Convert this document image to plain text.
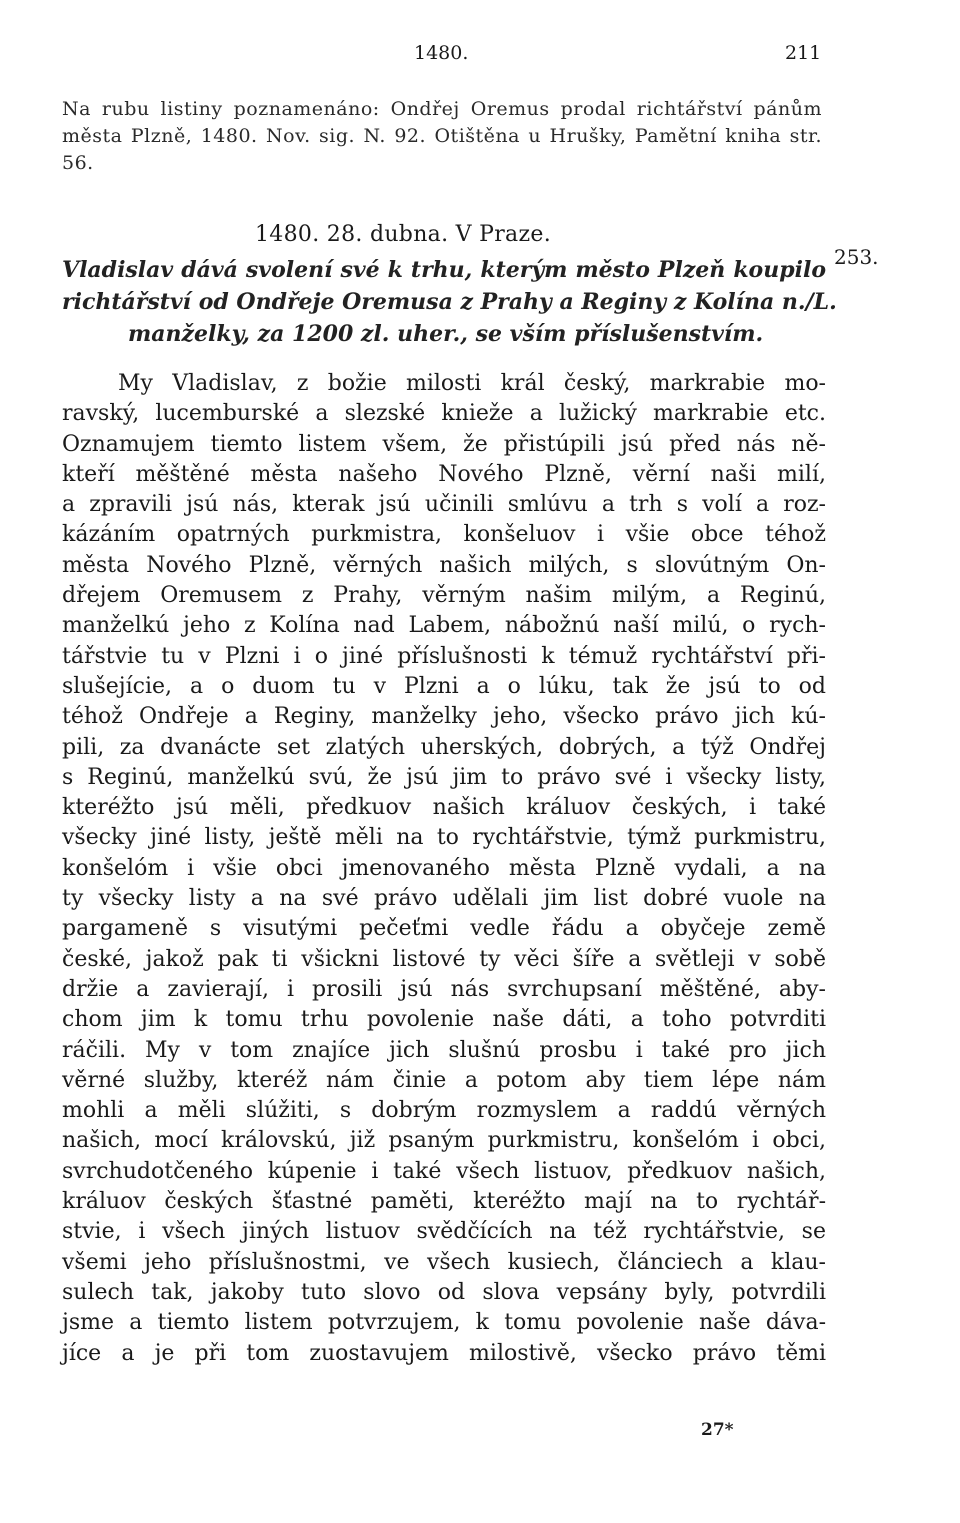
1480.	211
Na rubu listiny poznamenáno: Ondřej Oremus prodal richtářství pánům města Plzně, 1480. Nov. sig. N. 92. Otištěna u Hrušky, Pamětní kniha str. 56.
1480. 28. dubna. V Praze.
253.
Vladislav dává svolení své k trhu, kterým město Plzeň koupilo
richtářství od Ondřeje Oremusa z Prahy a Reginy z Kolína n./L.
manželky, za 1200 zl. uher., se vším příslušenstvím.
My Vladislav, z božie milosti král český, markrabie mo-
ravský, lucemburské a slezské knieže a lužický markrabie etc.
Oznamujem tiemto listem všem, že přistúpili jsú před nás ně-
kteří měštěné města našeho Nového Plzně, věrní naši milí,
a zpravili jsú nás, kterak jsú učinili smlúvu a trh s volí a roz-
kázáním opatrných purkmistra, konšeluov i všie obce téhož
města Nového Plzně, věrných našich milých, s slovútným On-
dřejem Oremusem z Prahy, věrným našim milým, a Reginú,
manželkú jeho z Kolína nad Labem, nábožnú naší milú, o rych-
tářstvie tu v Plzni i o jiné příslušnosti k témuž rychtářství při-
slušejície, a o duom tu v Plzni a o lúku, tak že jsú to od
téhož Ondřeje a Reginy, manželky jeho, všecko právo jich kú-
pili, za dvanácte set zlatých uherských, dobrých, a týž Ondřej
s Reginú, manželkú svú, že jsú jim to právo své i všecky listy,
kteréžto jsú měli, předkuov našich králuov českých, i také
všecky jiné listy, ještě měli na to rychtářstvie, týmž purkmistru,
konšelóm i všie obci jmenovaného města Plzně vydali, a na
ty všecky listy a na své právo udělali jim list dobré vuole na
pargameně s visutými pečeťmi vedle řádu a obyčeje země
české, jakož pak ti všickni listové ty věci šíře a světleji v sobě
držie a zavierají, i prosili jsú nás svrchupsaní měštěné, aby-
chom jim k tomu trhu povolenie naše dáti, a toho potvrditi
ráčili. My v tom znajíce jich slušnú prosbu i také pro jich
věrné služby, kteréž nám činie a potom aby tiem lépe nám
mohli a měli slúžiti, s dobrým rozmyslem a raddú věrných
našich, mocí královskú, již psaným purkmistru, konšelóm i obci,
svrchudotčeného kúpenie i také všech listuov, předkuov našich,
králuov českých šťastné paměti, kteréžto mají na to rychtář-
stvie, i všech jiných listuov svědčících na též rychtářstvie, se
všemi jeho příslušnostmi, ve všech kusiech, článciech a klau-
sulech tak, jakoby tuto slovo od slova vepsány byly, potvrdili
jsme a tiemto listem potvrzujem, k tomu povolenie naše dáva-
jíce a je při tom zuostavujem milostivě, všecko právo těmi
27*
